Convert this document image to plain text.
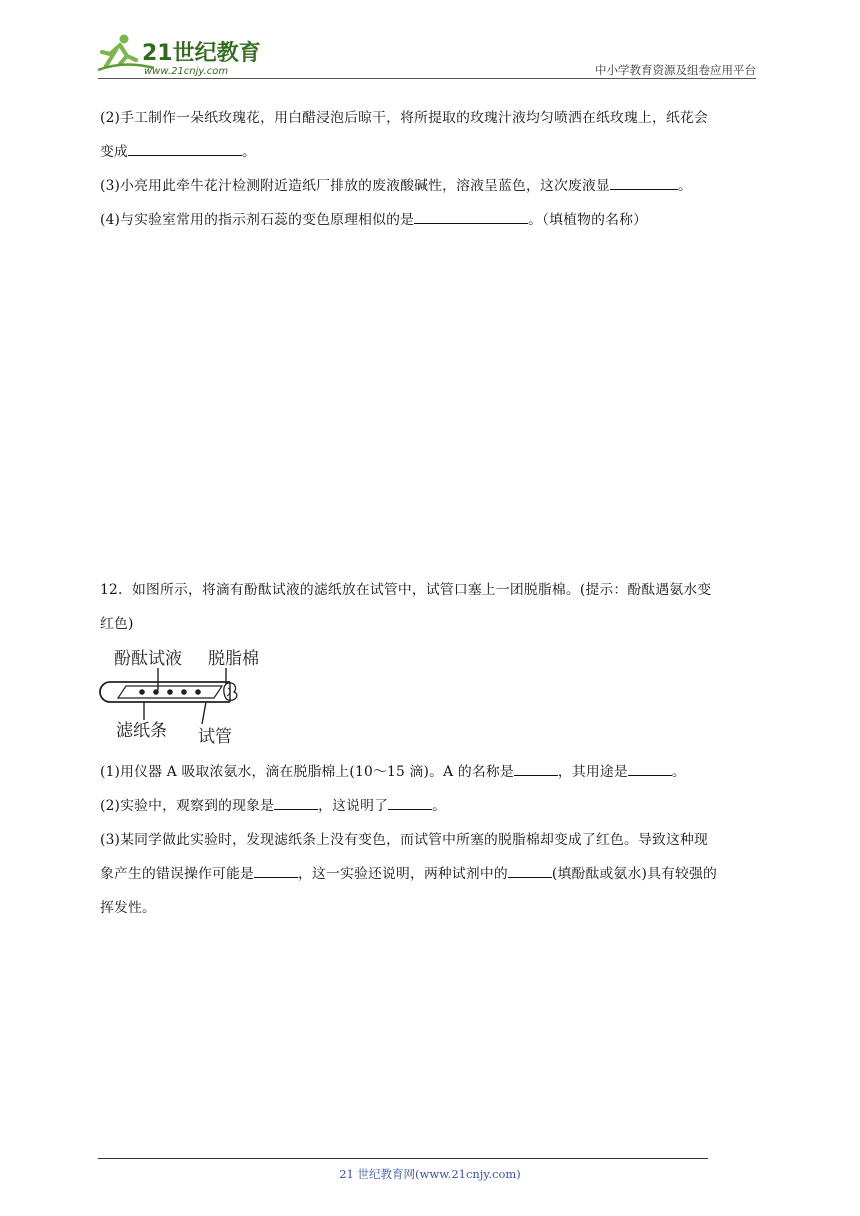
21世纪教育
www.21cnjy.com	中小学教育资源及组卷应用平台
(2)手工制作一朵纸玫瑰花，用白醋浸泡后晾干，将所提取的玫瑰汁液均匀喷洒在纸玫瑰上，纸花会
变成	。
(3)小亮用此牵牛花汁检测附近造纸厂排放的废液酸碱性，溶液呈蓝色，这次废液显	。
(4)与实验室常用的指示剂石蕊的变色原理相似的是	。（填植物的名称）
12．如图所示，将滴有酚酞试液的滤纸放在试管中，试管口塞上一团脱脂棉。(提示：酚酞遇氨水变
红色)
酚酞试液 脱脂棉
滤纸条 试管
(1)用仪器 A 吸取浓氨水，滴在脱脂棉上(10～15 滴)。A 的名称是	，其用途是	。
(2)实验中，观察到的现象是	，这说明了	。
(3)某同学做此实验时，发现滤纸条上没有变色，而试管中所塞的脱脂棉却变成了红色。导致这种现
象产生的错误操作可能是	，这一实验还说明，两种试剂中的	(填酚酞或氨水)具有较强的
挥发性。
21 世纪教育网(www.21cnjy.com)
